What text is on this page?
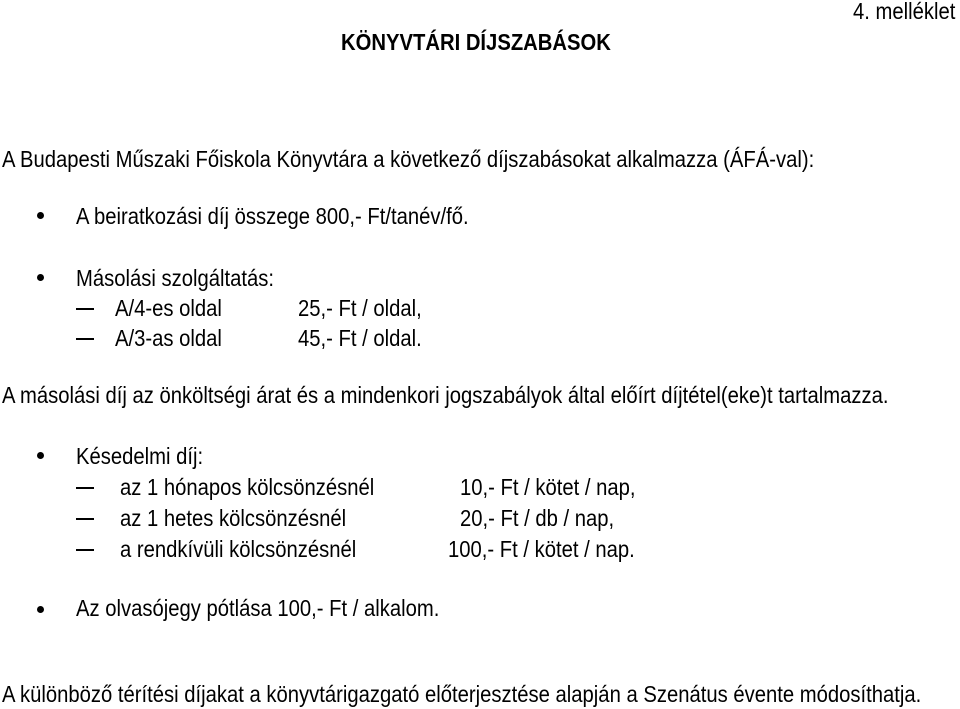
4. melléklet
KÖNYVTÁRI DÍJSZABÁSOK
A Budapesti Műszaki Főiskola Könyvtára a következő díjszabásokat alkalmazza (ÁFÁ-val):
A beiratkozási díj összege 800,- Ft/tanév/fő.
Másolási szolgáltatás:
A/4-es oldal	25,- Ft / oldal,
A/3-as oldal	45,- Ft / oldal.
A másolási díj az önköltségi árat és a mindenkori jogszabályok által előírt díjtétel(eke)t tartalmazza.
Késedelmi díj:
az 1 hónapos kölcsönzésnél	10,- Ft / kötet / nap,
az 1 hetes kölcsönzésnél	20,- Ft / db / nap,
a rendkívüli kölcsönzésnél	100,- Ft / kötet / nap.
Az olvasójegy pótlása 100,- Ft / alkalom.
A különböző térítési díjakat a könyvtárigazgató előterjesztése alapján a Szenátus évente módosíthatja.
